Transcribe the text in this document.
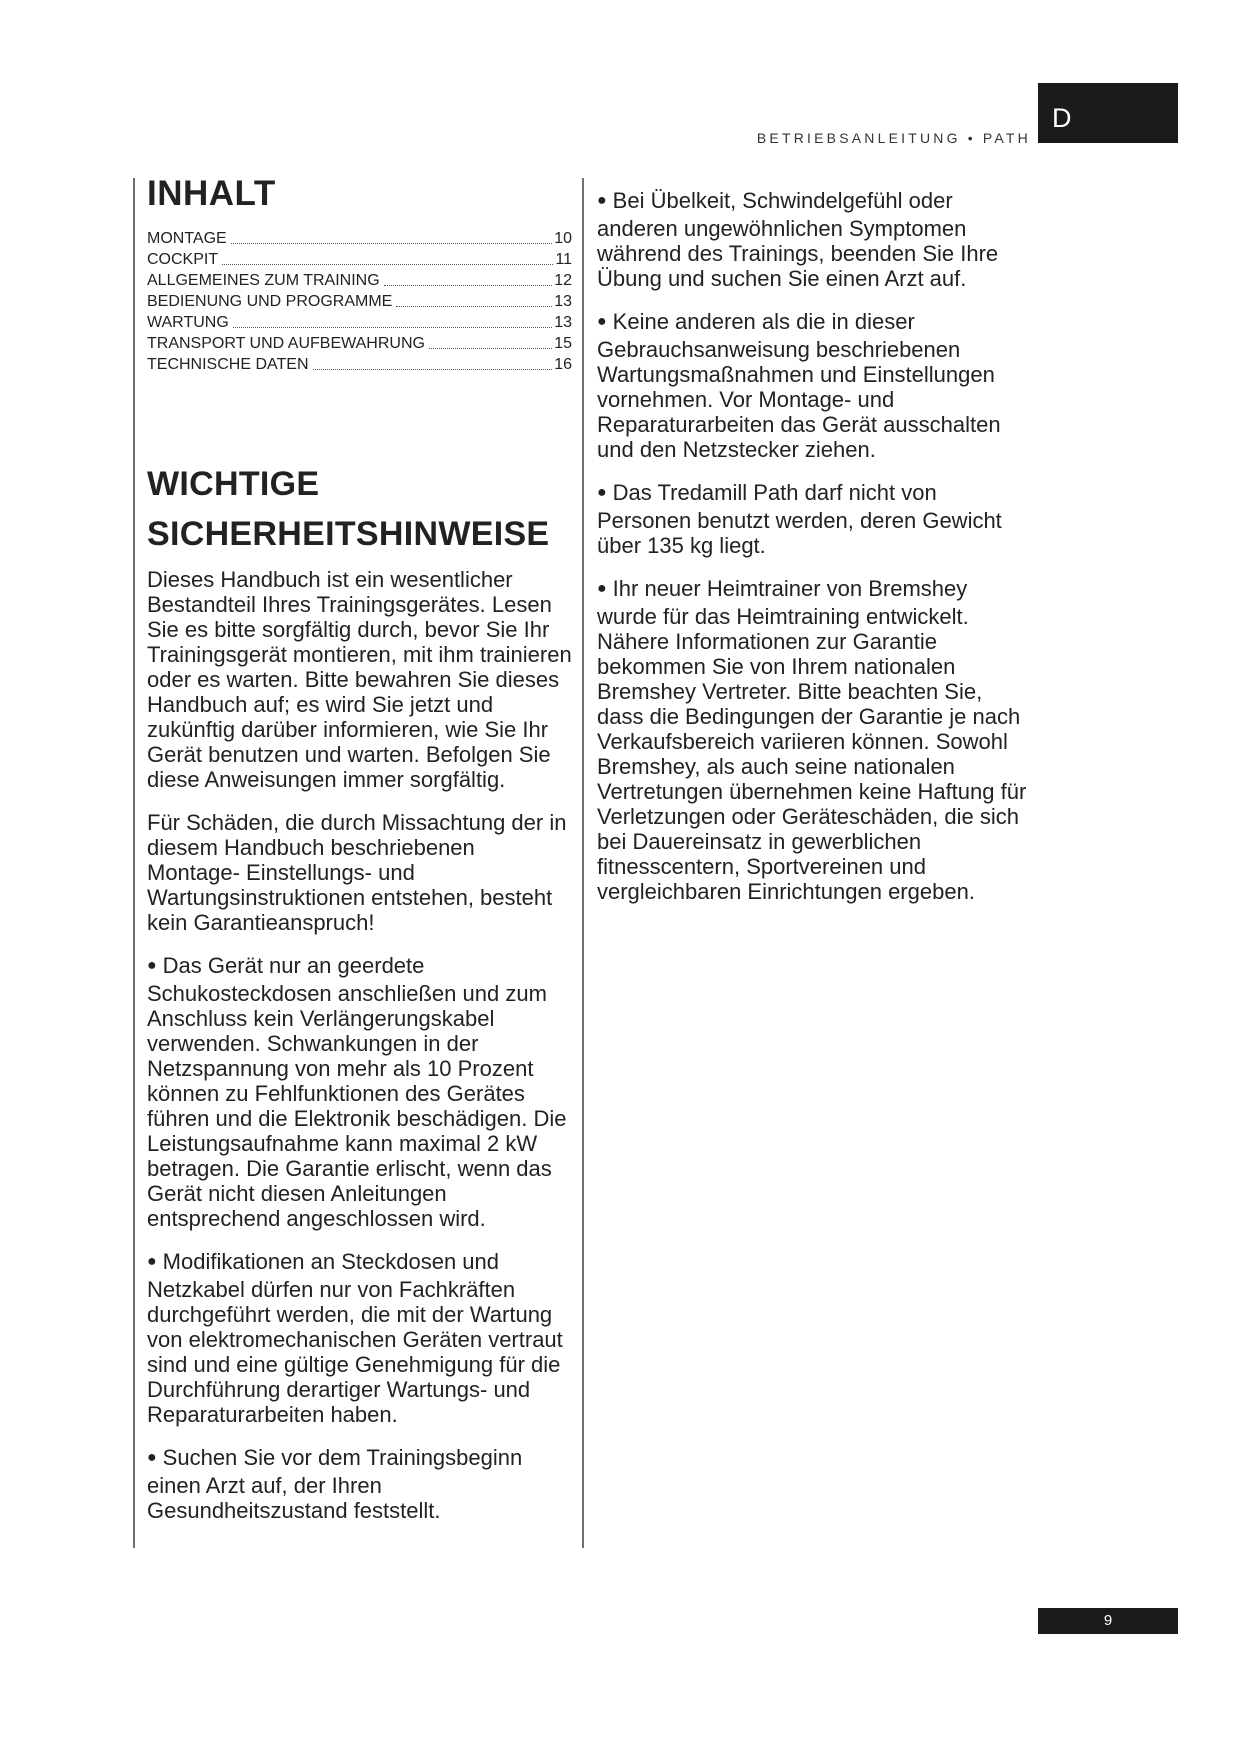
BETRIEBSANLEITUNG • PATH
D
INHALT
MONTAGE	10
COCKPIT	11
ALLGEMEINES ZUM TRAINING	12
BEDIENUNG UND PROGRAMME	13
WARTUNG	13
TRANSPORT UND AUFBEWAHRUNG	15
TECHNISCHE DATEN	16
WICHTIGE
SICHERHEITSHINWEISE

Dieses Handbuch ist ein wesentlicher Bestandteil Ihres Trainingsgerätes. Lesen Sie es bitte sorgfältig durch, bevor Sie Ihr Trainingsgerät montieren, mit ihm trainieren oder es warten. Bitte bewahren Sie dieses Handbuch auf; es wird Sie jetzt und zukünftig darüber informieren, wie Sie Ihr Gerät benutzen und warten. Befolgen Sie diese Anweisungen immer sorgfältig.

Für Schäden, die durch Missachtung der in diesem Handbuch beschriebenen Montage- Einstellungs- und Wartungsinstruktionen entstehen, besteht kein Garantieanspruch!

● Das Gerät nur an geerdete Schukosteckdosen anschließen und zum Anschluss kein Verlängerungskabel verwenden. Schwankungen in der Netzspannung von mehr als 10 Prozent können zu Fehlfunktionen des Gerätes führen und die Elektronik beschädigen. Die Leistungsaufnahme kann maximal 2 kW betragen. Die Garantie erlischt, wenn das Gerät nicht diesen Anleitungen entsprechend angeschlossen wird.

● Modifikationen an Steckdosen und Netzkabel dürfen nur von Fachkräften durchgeführt werden, die mit der Wartung von elektromechanischen Geräten vertraut sind und eine gültige Genehmigung für die Durchführung derartiger Wartungs- und Reparaturarbeiten haben.

● Suchen Sie vor dem Trainingsbeginn einen Arzt auf, der Ihren Gesundheitszustand feststellt.

● Bei Übelkeit, Schwindelgefühl oder anderen ungewöhnlichen Symptomen während des Trainings, beenden Sie Ihre Übung und suchen Sie einen Arzt auf.

● Keine anderen als die in dieser Gebrauchsanweisung beschriebenen Wartungsmaßnahmen und Einstellungen vornehmen. Vor Montage- und Reparaturarbeiten das Gerät ausschalten und den Netzstecker ziehen.

● Das Tredamill Path darf nicht von Personen benutzt werden, deren Gewicht über 135 kg liegt.

● Ihr neuer Heimtrainer von Bremshey wurde für das Heimtraining entwickelt. Nähere Informationen zur Garantie bekommen Sie von Ihrem nationalen Bremshey Vertreter. Bitte beachten Sie, dass die Bedingungen der Garantie je nach Verkaufsbereich variieren können. Sowohl Bremshey, als auch seine nationalen Vertretungen übernehmen keine Haftung für Verletzungen oder Geräteschäden, die sich bei Dauereinsatz in gewerblichen fitnesscentern, Sportvereinen und vergleichbaren Einrichtungen ergeben.

9
